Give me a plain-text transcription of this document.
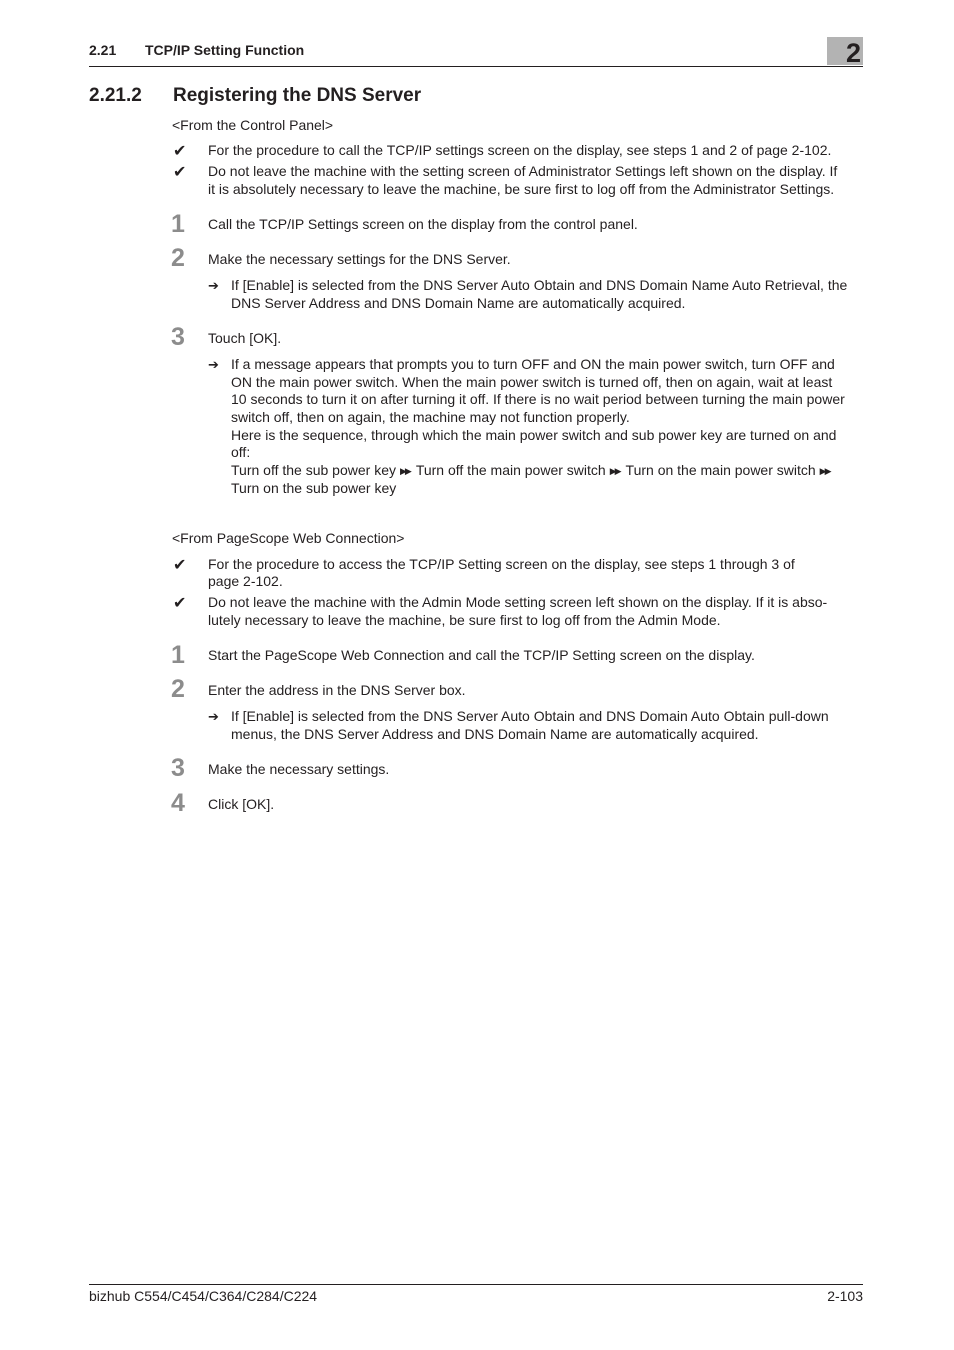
2.21 TCP/IP Setting Function	2
2.21.2 Registering the DNS Server
<From the Control Panel>
✔ For the procedure to call the TCP/IP settings screen on the display, see steps 1 and 2 of page 2-102.
✔ Do not leave the machine with the setting screen of Administrator Settings left shown on the display. If
it is absolutely necessary to leave the machine, be sure first to log off from the Administrator Settings.
1 Call the TCP/IP Settings screen on the display from the control panel.
2 Make the necessary settings for the DNS Server.
➔ If [Enable] is selected from the DNS Server Auto Obtain and DNS Domain Name Auto Retrieval, the
DNS Server Address and DNS Domain Name are automatically acquired.
3 Touch [OK].
➔ If a message appears that prompts you to turn OFF and ON the main power switch, turn OFF and
ON the main power switch. When the main power switch is turned off, then on again, wait at least
10 seconds to turn it on after turning it off. If there is no wait period between turning the main power
switch off, then on again, the machine may not function properly.
Here is the sequence, through which the main power switch and sub power key are turned on and
off:
Turn off the sub power key ▶▶ Turn off the main power switch ▶▶ Turn on the main power switch ▶▶
Turn on the sub power key
<From PageScope Web Connection>
✔ For the procedure to access the TCP/IP Setting screen on the display, see steps 1 through 3 of
page 2-102.
✔ Do not leave the machine with the Admin Mode setting screen left shown on the display. If it is abso-
lutely necessary to leave the machine, be sure first to log off from the Admin Mode.
1 Start the PageScope Web Connection and call the TCP/IP Setting screen on the display.
2 Enter the address in the DNS Server box.
➔ If [Enable] is selected from the DNS Server Auto Obtain and DNS Domain Auto Obtain pull-down
menus, the DNS Server Address and DNS Domain Name are automatically acquired.
3 Make the necessary settings.
4 Click [OK].
bizhub C554/C454/C364/C284/C224	2-103
